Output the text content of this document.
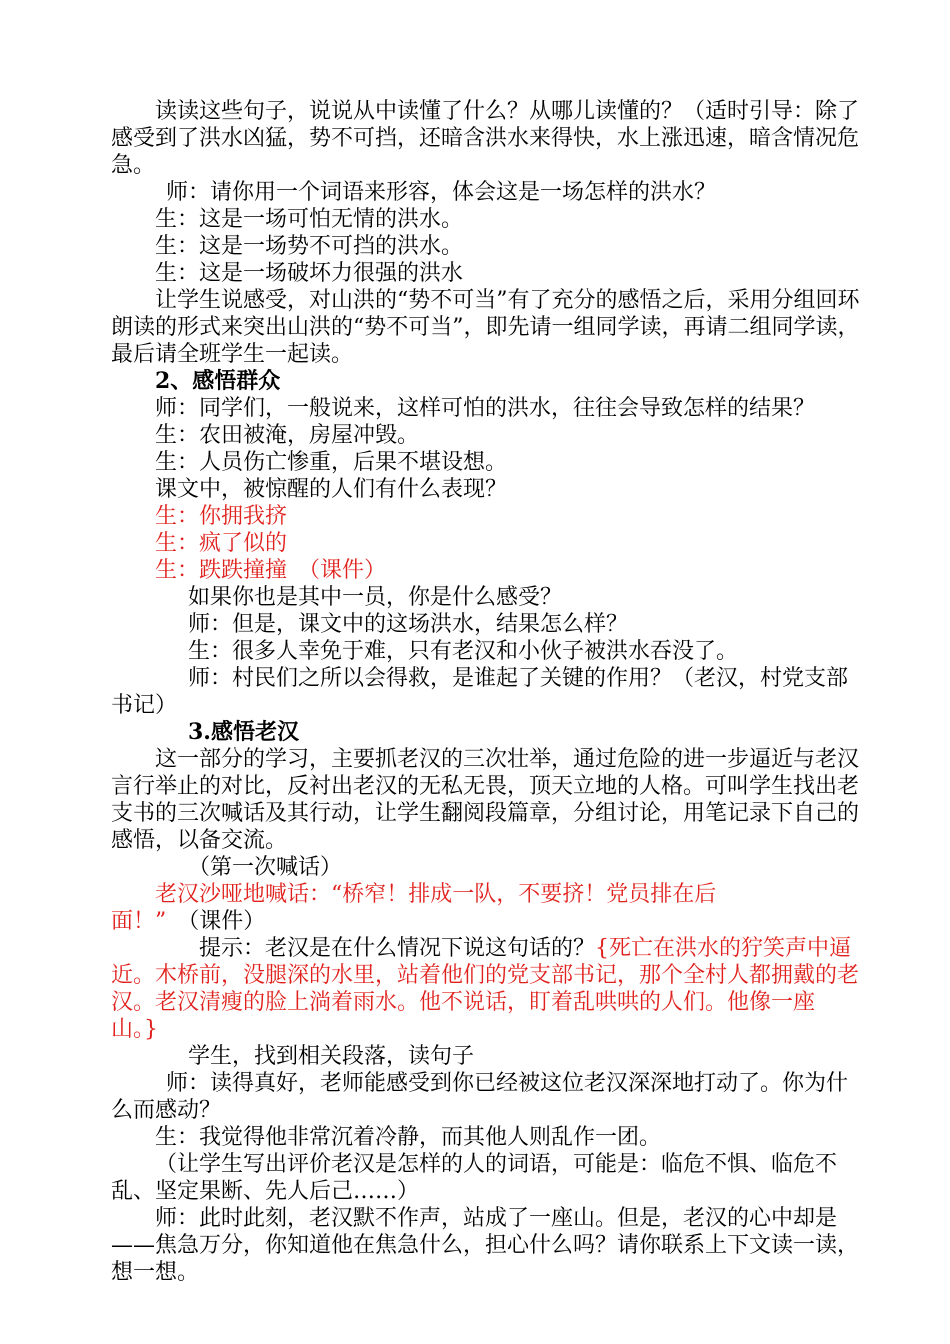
读读这些句子，说说从中读懂了什么？从哪儿读懂的？（适时引导：除了感受到了洪水凶猛，势不可挡，还暗含洪水来得快，水上涨迅速，暗含情况危急。

师：请你用一个词语来形容，体会这是一场怎样的洪水？

生：这是一场可怕无情的洪水。

生：这是一场势不可挡的洪水。

生：这是一场破坏力很强的洪水

让学生说感受，对山洪的“势不可当”有了充分的感悟之后，采用分组回环朗读的形式来突出山洪的“势不可当”，即先请一组同学读，再请二组同学读，最后请全班学生一起读。

2、感悟群众

师：同学们，一般说来，这样可怕的洪水，往往会导致怎样的结果？

生：农田被淹，房屋冲毁。

生：人员伤亡惨重，后果不堪设想。

课文中，被惊醒的人们有什么表现？

生：你拥我挤

生：疯了似的

生：跌跌撞撞　（课件）

如果你也是其中一员，你是什么感受？

师：但是，课文中的这场洪水，结果怎么样？

生：很多人幸免于难，只有老汉和小伙子被洪水吞没了。

师：村民们之所以会得救，是谁起了关键的作用？（老汉，村党支部书记）

3.感悟老汉

这一部分的学习，主要抓老汉的三次壮举，通过危险的进一步逼近与老汉言行举止的对比，反衬出老汉的无私无畏，顶天立地的人格。可叫学生找出老支书的三次喊话及其行动，让学生翻阅段篇章，分组讨论，用笔记录下自己的感悟，以备交流。

（第一次喊话）

老汉沙哑地喊话：“桥窄！排成一队，不要挤！党员排在后面！”　（课件）

提示：老汉是在什么情况下说这句话的？{死亡在洪水的狞笑声中逼近。木桥前，没腿深的水里，站着他们的党支部书记，那个全村人都拥戴的老汉。老汉清瘦的脸上淌着雨水。他不说话，盯着乱哄哄的人们。他像一座山。}

学生，找到相关段落，读句子

师：读得真好，老师能感受到你已经被这位老汉深深地打动了。你为什么而感动？

生：我觉得他非常沉着冷静，而其他人则乱作一团。

（让学生写出评价老汉是怎样的人的词语，可能是：临危不惧、临危不乱、坚定果断、先人后己……）

师：此时此刻，老汉默不作声，站成了一座山。但是，老汉的心中却是——焦急万分，你知道他在焦急什么，担心什么吗？请你联系上下文读一读，想一想。
